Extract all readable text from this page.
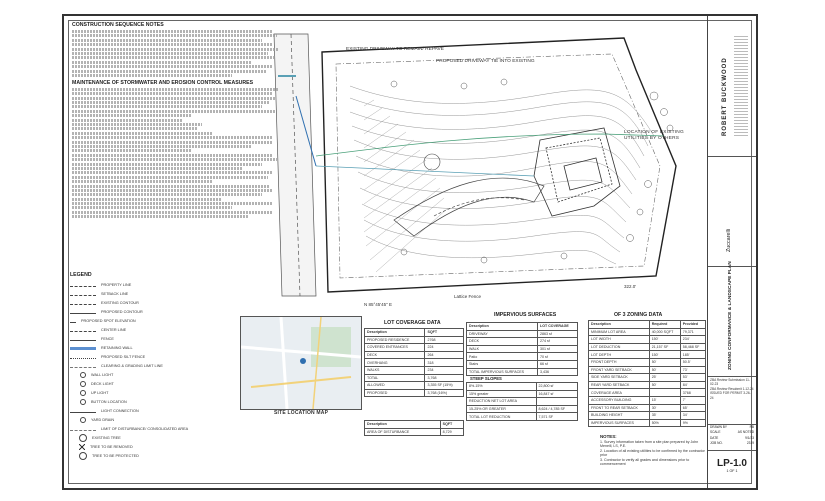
322.0'
N 85°45'45" E
Lattice Fence
EXISTING DRIVEWAY TO REMAIN/ REPAVE
PROPOSED DRIVEWAY TIE INTO EXISTING
LOCATION OF EXISTING UTILITIES BY OTHERS
CONSTRUCTION SEQUENCE NOTES
MAINTENANCE OF STORMWATER AND EROSION CONTROL MEASURES
LEGEND
PROPERTY LINE
SETBACK LINE
EXISTING CONTOUR
PROPOSED CONTOUR
PROPOSED SPOT ELEVATION
CENTER LINE
FENCE
RETAINING WALL
PROPOSED SILT FENCE
CLEARING & GRADING LIMIT LINE
WALL LIGHT
DECK LIGHT
UP LIGHT
BUTTON LOCATION
LIGHT CONNECTION
YARD DRAIN
LIMIT OF DISTURBANCE/ CONSOLIDATED AREA
EXISTING TREE
TREE TO BE REMOVED
TREE TO BE PROTECTED
SITE LOCATION MAP
LOT COVERAGE DATA
Description	SQFT
PROPOSED RESIDENCE	2768
COVERED ENTRANCES	224
DECK	264
OVERHANG	318
WALKS	234
TOTAL	3,768
ALLOWED	3,355 SF (15%)
PROPOSED	3,768 (16%)
Description	SQFT
AREA OF DISTURBANCE	8,729
IMPERVIOUS SURFACES
Description	LOT COVERAGE
DRIVEWAY	2863 sf
DECK	274 sf
WALK	301 sf
Patio	70 sf
Stairs	66 sf
TOTAL IMPERVIOUS SURFACES	3,436
STEEP SLOPES
8%-15%	22,800 sf
15% greater	16,847 sf
REDUCTION NET LOT AREA	
15-25% OR GREATER	8,624 / 4,785 SF
TOTAL LOT REDUCTION	7,571 SF
OF 3 ZONING DATA
Description	Required	Provided
MINIMUM LOT AREA	40,000 SQFT	79,371
LOT WIDTH	150'	234'
LOT DEDUCTION	21,157 SF	58,468 SF
LOT DEPTH	150'	185'
FRONT DEPTH	50'	50.5'
FRONT YARD SETBACK	50'	73'
SIDE YARD SETBACK	25'	53'
REAR YARD SETBACK	50'	84'
COVERAGE AREA		3768
ACCESSORY BUILDING	15'	7'
FRONT TO REAR SETBACK	30'	65'
BUILDING HEIGHT	35'	34'
IMPERVIOUS SURFACES	50%	9%
NOTES:
1. Survey information taken from a site plan prepared by John Meneill, LS, P.E.
2. Location of all existing utilities to be confirmed by the contractor prior
3. Contractor to verify all grades and dimensions prior to commencement
ROBERT BUCKWOOD
Zuccarelli
ZONING CONFORMANCE & LANDSCAPE PLAN
ZBA Review Submission 11-02-23
ZBA Review Resubmit 1-12-24
ISSUED FOR PERMIT 3-26-24
DRAWN BY	RB
SCALE	AS NOTED
DATE	9/1/23
JOB NO.	2319
LP-1.0
1 OF 1
